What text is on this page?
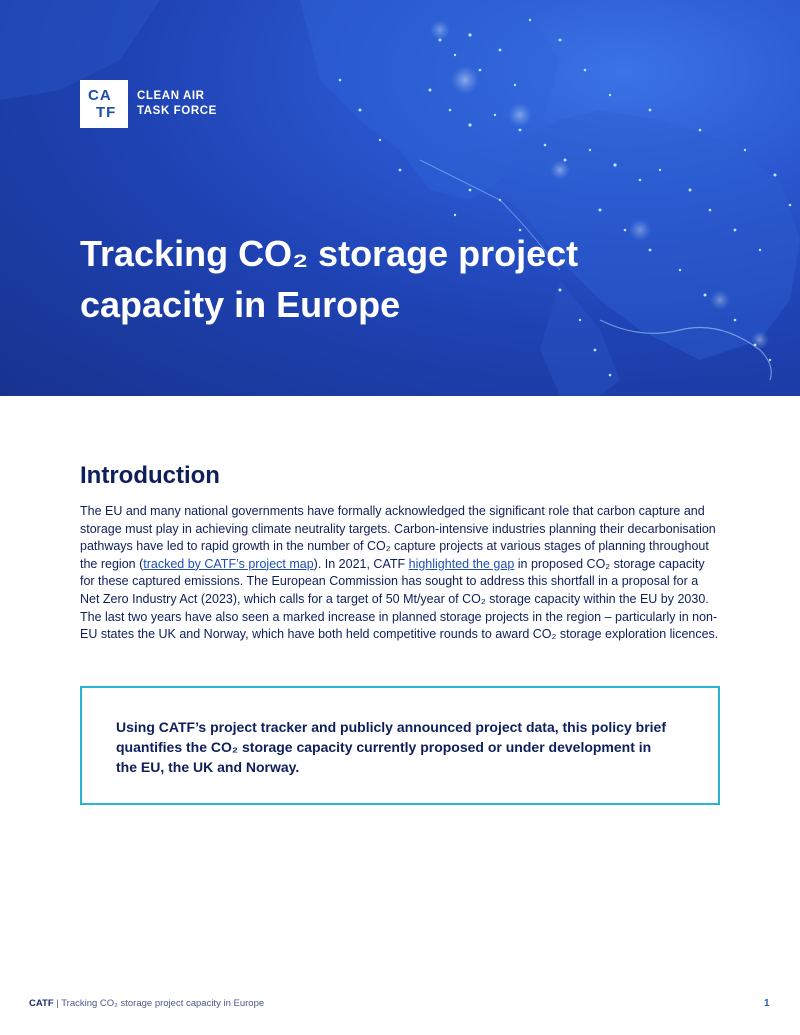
CA
TF
CLEAN AIR
TASK FORCE
Tracking CO₂ storage project capacity in Europe
Introduction

The EU and many national governments have formally acknowledged the significant role that carbon capture and storage must play in achieving climate neutrality targets. Carbon-intensive industries planning their decarbonisation pathways have led to rapid growth in the number of CO₂ capture projects at various stages of planning throughout the region (tracked by CATF’s project map). In 2021, CATF highlighted the gap in proposed CO₂ storage capacity for these captured emissions. The European Commission has sought to address this shortfall in a proposal for a Net Zero Industry Act (2023), which calls for a target of 50 Mt/year of CO₂ storage capacity within the EU by 2030. The last two years have also seen a marked increase in planned storage projects in the region – particularly in non-EU states the UK and Norway, which have both held competitive rounds to award CO₂ storage exploration licences.

Using CATF’s project tracker and publicly announced project data, this policy brief quantifies the CO₂ storage capacity currently proposed or under development in the EU, the UK and Norway.

CATF | Tracking CO₂ storage project capacity in Europe	1
